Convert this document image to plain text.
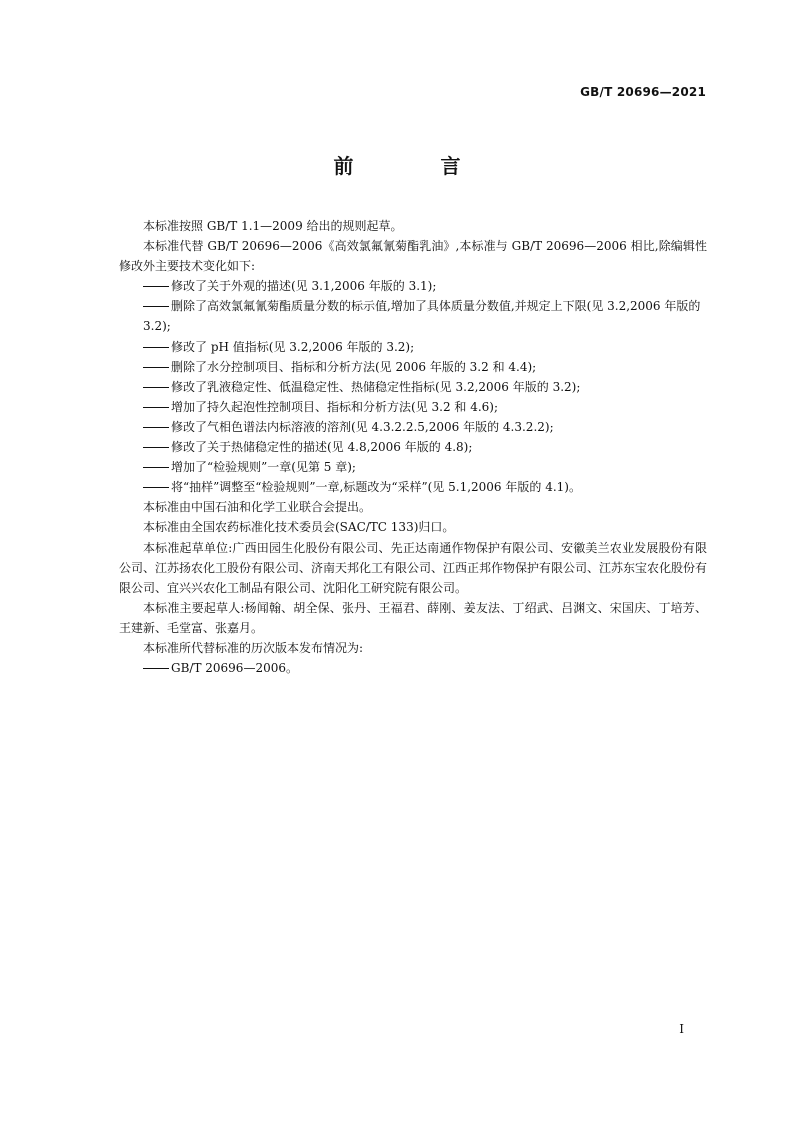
GB/T 20696—2021
前 言

本标准按照 GB/T 1.1—2009 给出的规则起草。

本标准代替 GB/T 20696—2006《高效氯氟氰菊酯乳油》,本标准与 GB/T 20696—2006 相比,除编辑性修改外主要技术变化如下:

修改了关于外观的描述(见 3.1,2006 年版的 3.1);

删除了高效氯氟氰菊酯质量分数的标示值,增加了具体质量分数值,并规定上下限(见 3.2,2006 年版的 3.2);

修改了 pH 值指标(见 3.2,2006 年版的 3.2);

删除了水分控制项目、指标和分析方法(见 2006 年版的 3.2 和 4.4);

修改了乳液稳定性、低温稳定性、热储稳定性指标(见 3.2,2006 年版的 3.2);

增加了持久起泡性控制项目、指标和分析方法(见 3.2 和 4.6);

修改了气相色谱法内标溶液的溶剂(见 4.3.2.2.5,2006 年版的 4.3.2.2);

修改了关于热储稳定性的描述(见 4.8,2006 年版的 4.8);

增加了“检验规则”一章(见第 5 章);

将“抽样”调整至“检验规则”一章,标题改为“采样”(见 5.1,2006 年版的 4.1)。

本标准由中国石油和化学工业联合会提出。

本标准由全国农药标准化技术委员会(SAC/TC 133)归口。

本标准起草单位:广西田园生化股份有限公司、先正达南通作物保护有限公司、安徽美兰农业发展股份有限公司、江苏扬农化工股份有限公司、济南天邦化工有限公司、江西正邦作物保护有限公司、江苏东宝农化股份有限公司、宜兴兴农化工制品有限公司、沈阳化工研究院有限公司。

本标准主要起草人:杨闻翰、胡全保、张丹、王福君、薛刚、姜友法、丁绍武、吕渊文、宋国庆、丁培芳、王建新、毛堂富、张嘉月。

本标准所代替标准的历次版本发布情况为:

GB/T 20696—2006。

I
